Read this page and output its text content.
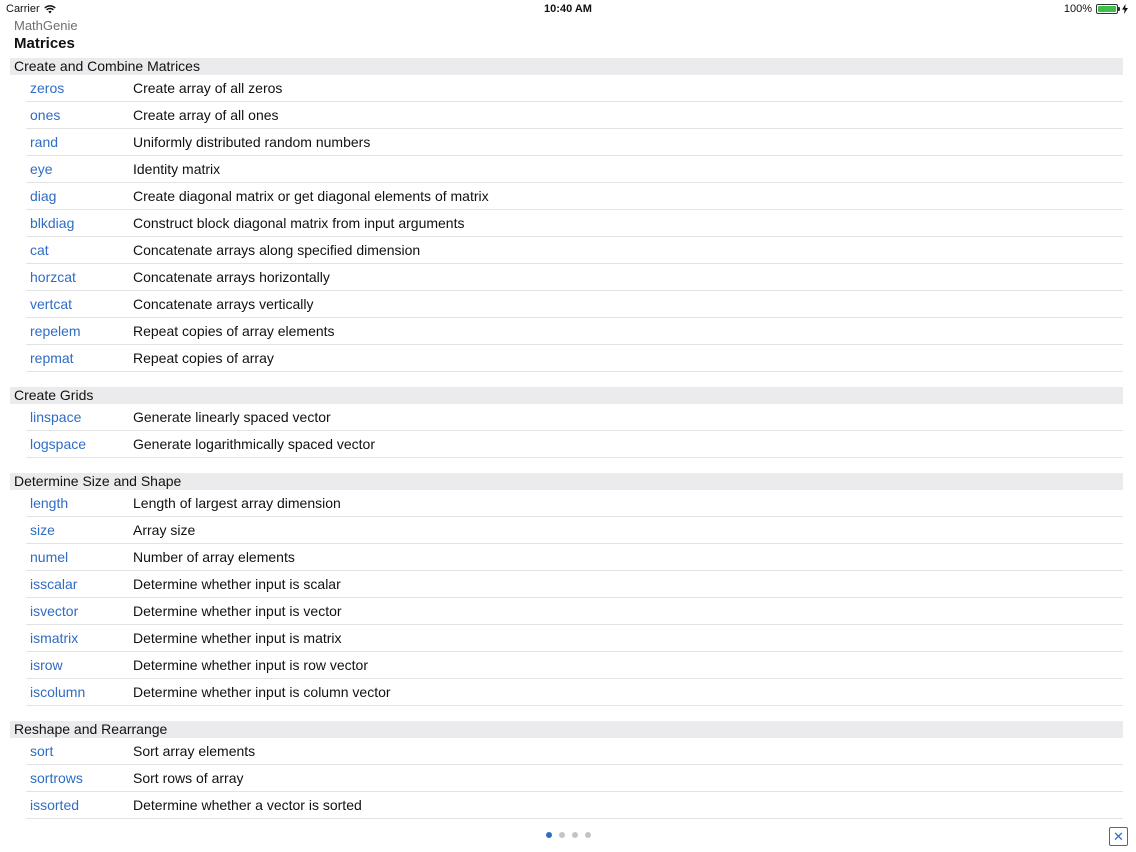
Carrier	10:40 AM	100%
MathGenie
Matrices
Create and Combine Matrices
zeros	Create array of all zeros
ones	Create array of all ones
rand	Uniformly distributed random numbers
eye	Identity matrix
diag	Create diagonal matrix or get diagonal elements of matrix
blkdiag	Construct block diagonal matrix from input arguments
cat	Concatenate arrays along specified dimension
horzcat	Concatenate arrays horizontally
vertcat	Concatenate arrays vertically
repelem	Repeat copies of array elements
repmat	Repeat copies of array
Create Grids
linspace	Generate linearly spaced vector
logspace	Generate logarithmically spaced vector
Determine Size and Shape
length	Length of largest array dimension
size	Array size
numel	Number of array elements
isscalar	Determine whether input is scalar
isvector	Determine whether input is vector
ismatrix	Determine whether input is matrix
isrow	Determine whether input is row vector
iscolumn	Determine whether input is column vector
Reshape and Rearrange
sort	Sort array elements
sortrows	Sort rows of array
issorted	Determine whether a vector is sorted
✕
